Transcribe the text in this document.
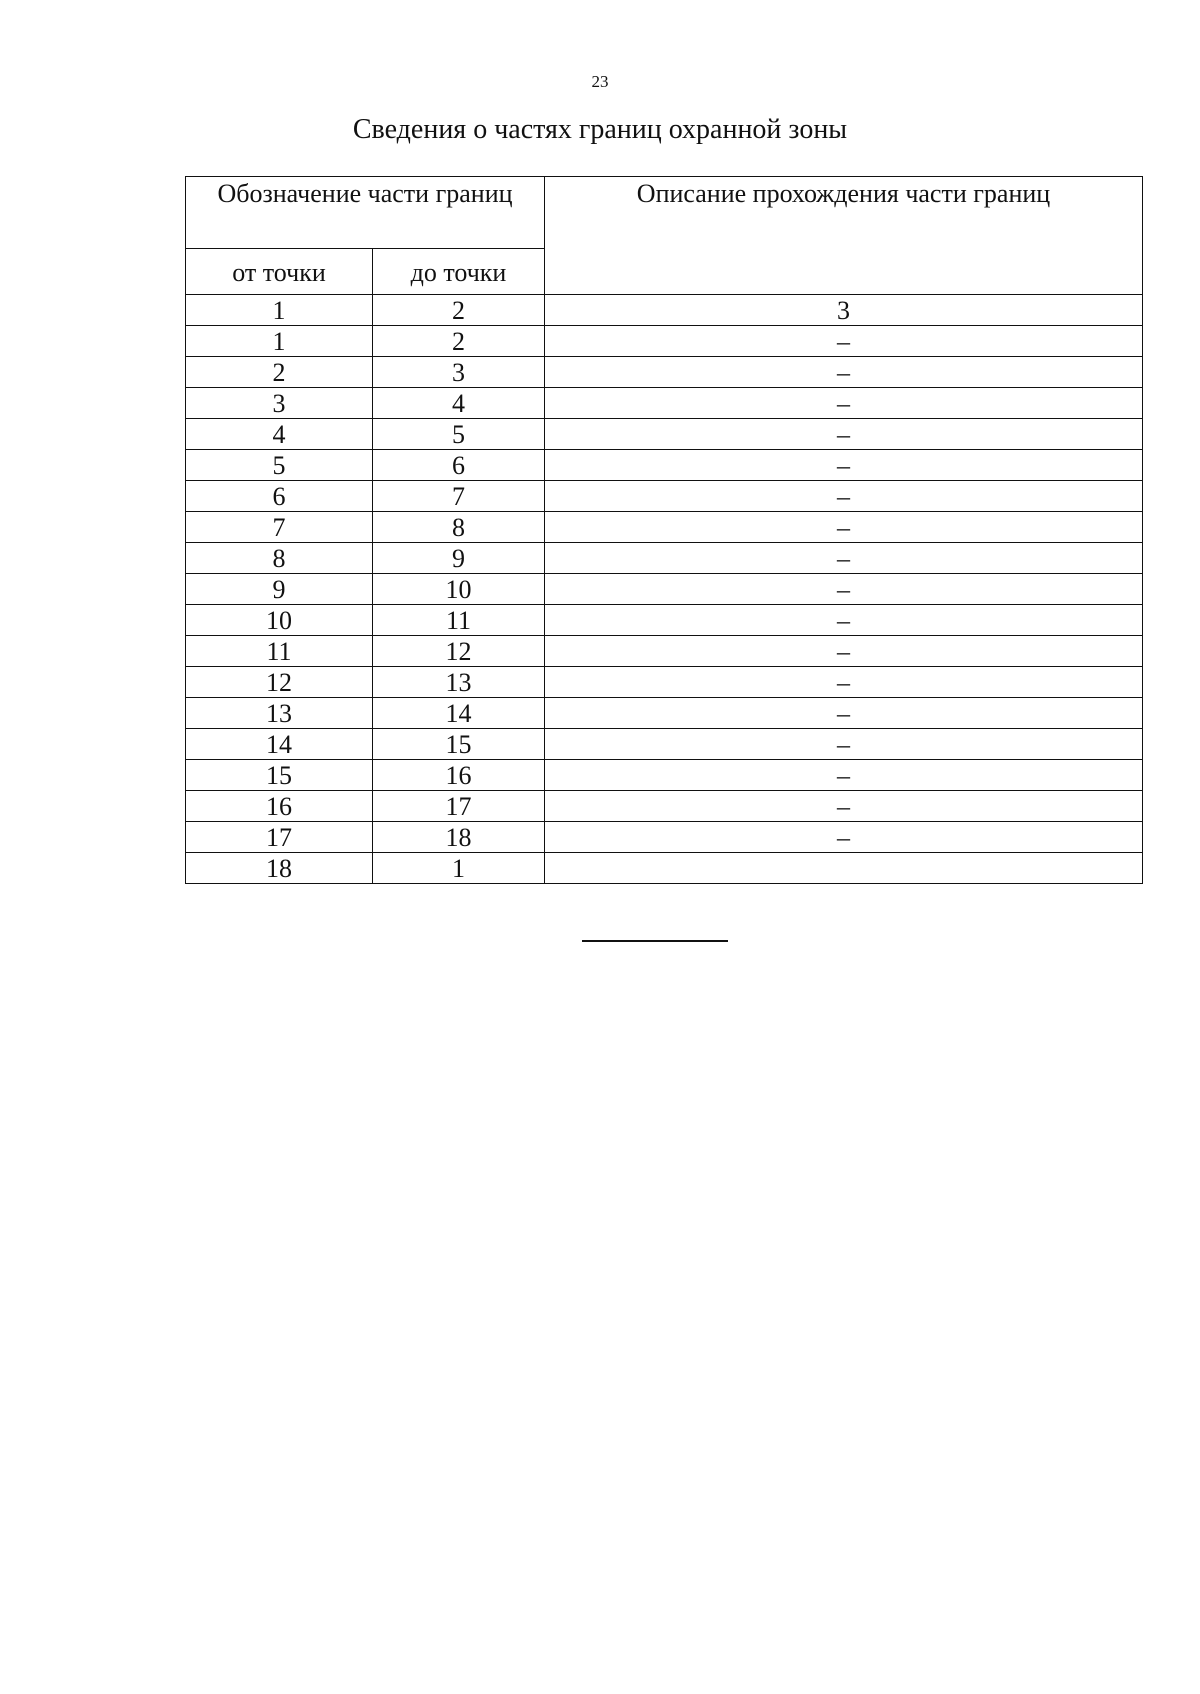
23
Сведения о частях границ охранной зоны
Обозначение части границ		Описание прохождения части границ
от точки	до точки	
1	2	3
1	2	–
2	3	–
3	4	–
4	5	–
5	6	–
6	7	–
7	8	–
8	9	–
9	10	–
10	11	–
11	12	–
12	13	–
13	14	–
14	15	–
15	16	–
16	17	–
17	18	–
18	1	
